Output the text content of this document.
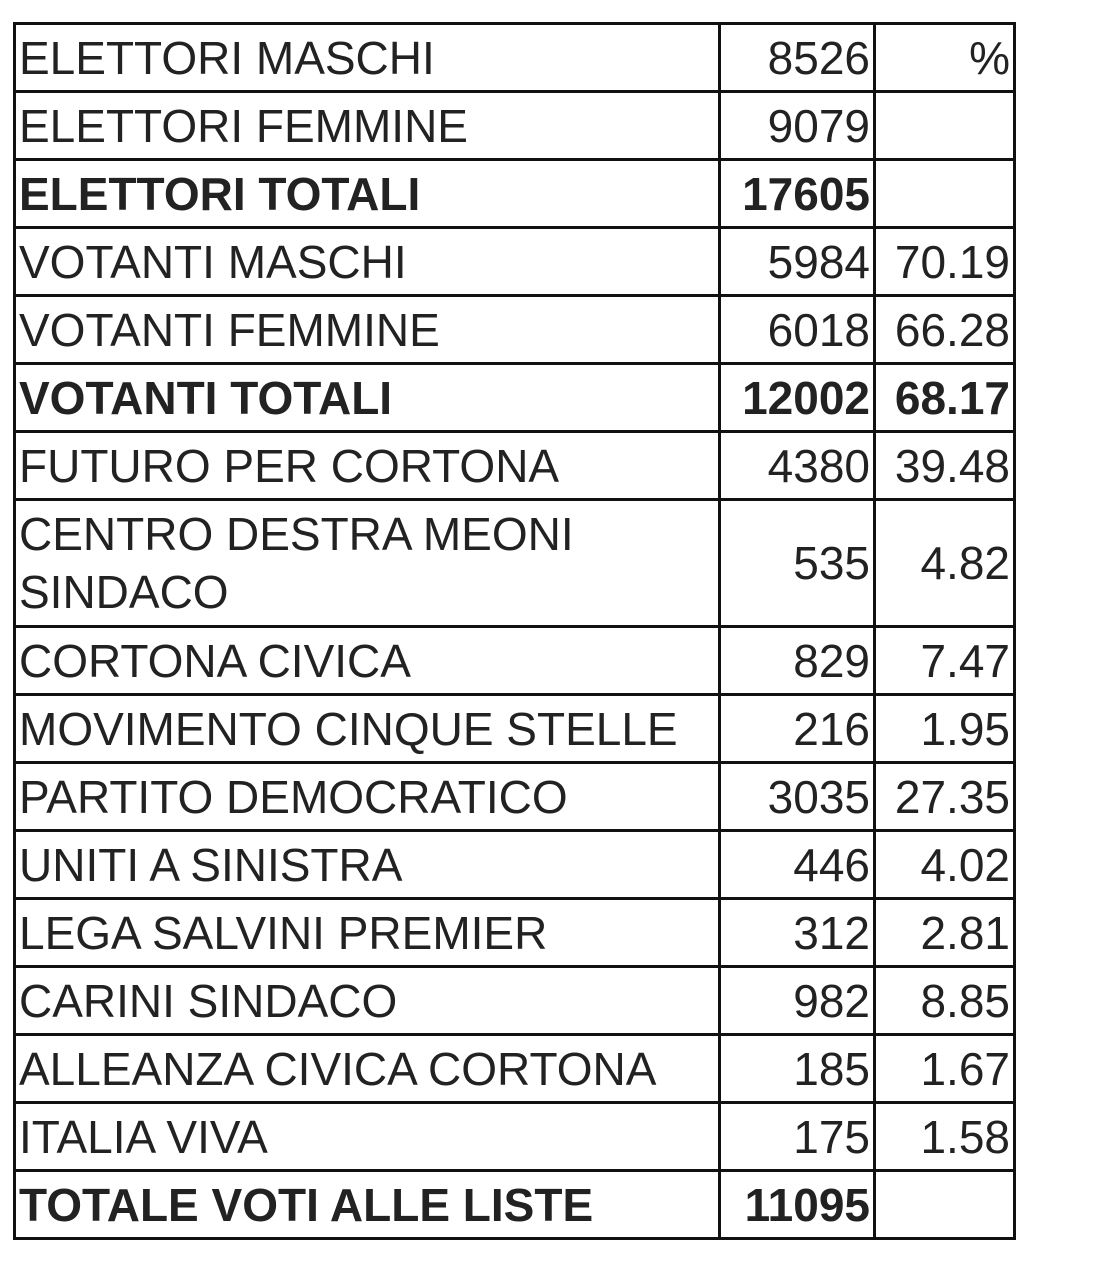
ELETTORI MASCHI	8526	%
ELETTORI FEMMINE	9079	
ELETTORI TOTALI	17605	
VOTANTI MASCHI	5984	70.19
VOTANTI FEMMINE	6018	66.28
VOTANTI TOTALI	12002	68.17
FUTURO PER CORTONA	4380	39.48
CENTRO DESTRA MEONI SINDACO	535	4.82
CORTONA CIVICA	829	7.47
MOVIMENTO CINQUE STELLE	216	1.95
PARTITO DEMOCRATICO	3035	27.35
UNITI A SINISTRA	446	4.02
LEGA SALVINI PREMIER	312	2.81
CARINI SINDACO	982	8.85
ALLEANZA CIVICA CORTONA	185	1.67
ITALIA VIVA	175	1.58
TOTALE VOTI ALLE LISTE	11095	
